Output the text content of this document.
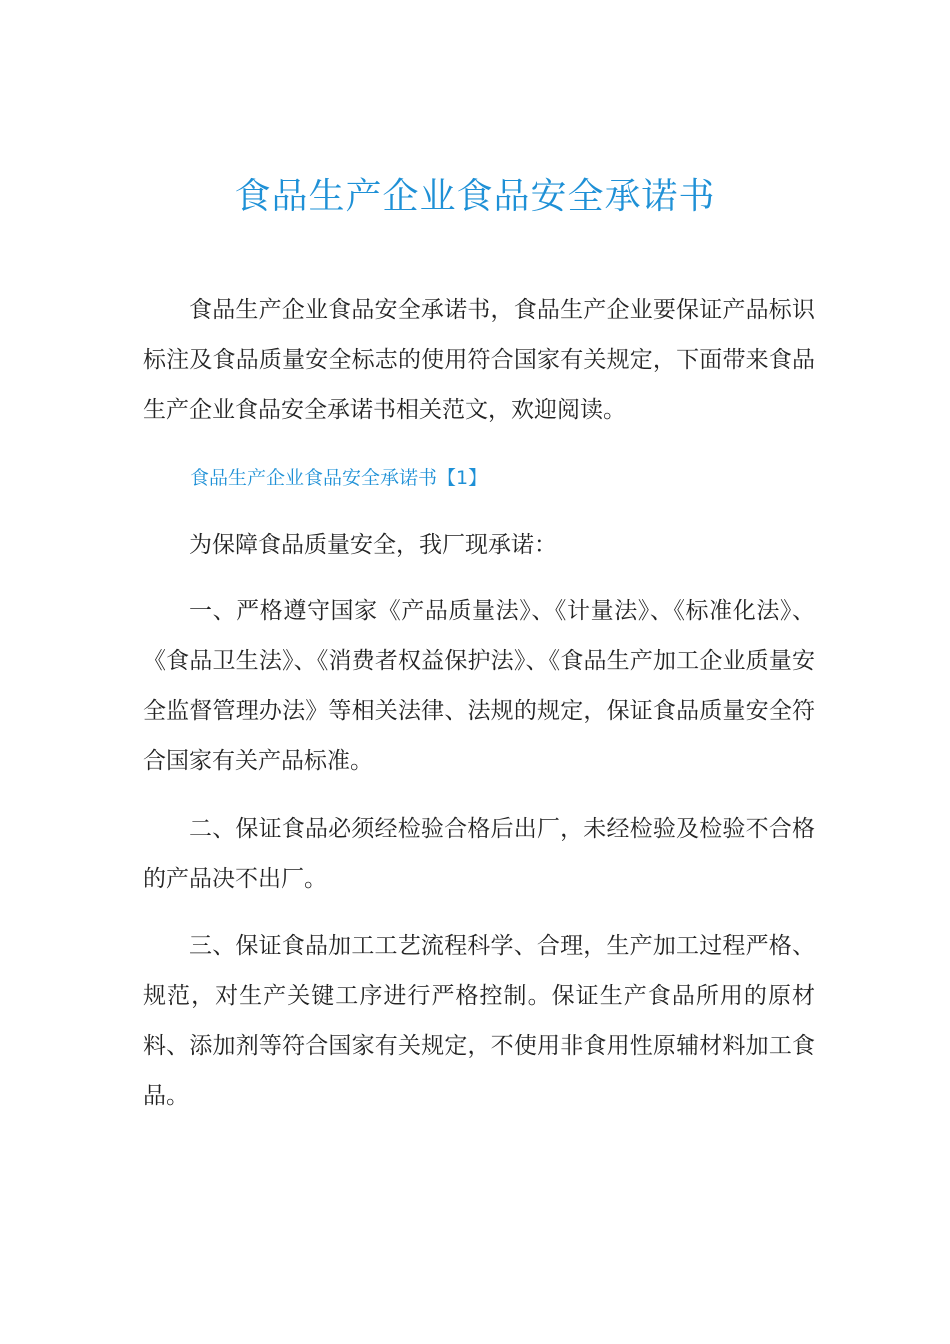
食品生产企业食品安全承诺书

食品生产企业食品安全承诺书，食品生产企业要保证产品标识标注及食品质量安全标志的使用符合国家有关规定，下面带来食品生产企业食品安全承诺书相关范文，欢迎阅读。

食品生产企业食品安全承诺书【1】

为保障食品质量安全，我厂现承诺：

一、严格遵守国家《产品质量法》、《计量法》、《标准化法》、《食品卫生法》、《消费者权益保护法》、《食品生产加工企业质量安全监督管理办法》等相关法律、法规的规定，保证食品质量安全符合国家有关产品标准。

二、保证食品必须经检验合格后出厂，未经检验及检验不合格的产品决不出厂。

三、保证食品加工工艺流程科学、合理，生产加工过程严格、规范，对生产关键工序进行严格控制。保证生产食品所用的原材料、添加剂等符合国家有关规定，不使用非食用性原辅材料加工食品。
